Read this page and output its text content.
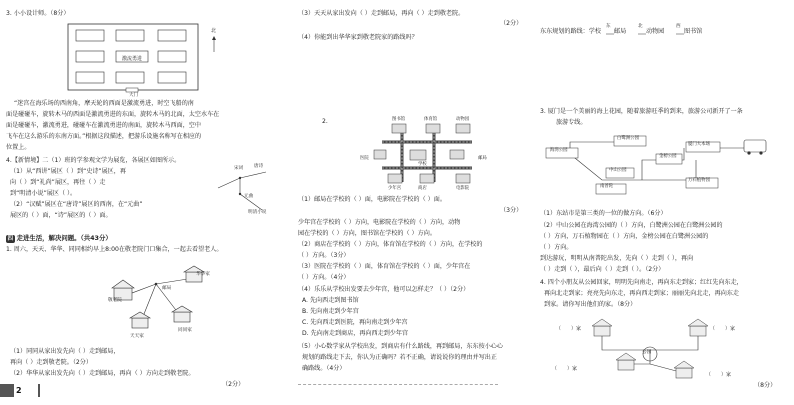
3. 小小设计师。（8分）
激流勇进
大门
北
“迷宫在海乐场的西南角，摩天轮的西面是激流勇进，时空飞船的南
面是碰碰车，旋转木马的西面是激流勇进的东面，旋转木马的北面，太空水车在
面是碰碰车，激流勇进，碰碰车在激流勇进的南面，旋转木马西面，空中
飞车在这么游乐的东南方面。”根据这段描述，把游乐设施名称写在相应的
位置上。
4.【新情境】二（1）班的学参观文学为展览，各展区如图所示。
（1）从“西讲”展区（ ）到“史诗”展区，再
向（ ）到“礼尚”展区，再往（ ）走
到“明清小说”展区（ ）。
（2）“汉赋”展区在“唐诗”展区的西南，在“元曲”
展区的（ ）面，“诗”展区的（ ）面。
宋词 唐诗
元曲
明清小说
四 走进生活，解决问题。（共43分）
1. 周六，天天、华华、同同相约早上8:00在敬老院门口集合，一起去看望老人。
华华家
敬老院
天天家
同同家
邮局
（1）同同从家出发先向（ ）走到邮局，
再向（ ）走到敬老院。（2分）
（2）华华从家出发先向（ ）走到邮局，再向（ ）方向走到敬老院。
（2分）
2
（3）天天从家出发向（ ）走到邮局，再向（ ）走到敬老院。
（2分）
（4）你能到出华华家到敬老院家的路线吗？
2.	图书馆	体育馆	动物园
医院
学校
邮局
少年宫	商店	电影院
（1）邮局在学校的（ ）面，电影院在学校的（ ）面。
（3分）
少年宫在学校的（ ）方向，电影院在学校的（ ）方向，动物
园在学校的（ ）方向，图书馆在学校的（ ）方向。
（2）商店在学校的（ ）方向，体育馆在学校的（ ）方向，在学校的
（ ）方向。（3分）
（3）医院在学校的（ ）面，体育馆在学校的（ ）面，少年宫在
（ ）方向。（4分）
（4）乐乐从学校出发要去少年宫，他可以怎样走？（ ）（2分）
A. 先向西走到图书馆
B. 先向南走到少年宫
C. 先向西走到医院，再向南走到少年宫
D. 先向南走到商店，再向西走到少年宫
（5）小心数学家从学校出发，到商店有什么路线，再到邮局，东东按小心心
规划的路线走下去，你认为正确吗？若不正确，请说说你的理由并写出正
确路线。（4分）
东东规划的路线：学校
东
邮局
北
动物园
西
图书馆
3. 厦门是一个美丽的海上花园，随着旅游旺季的到来，旅游公司新开了一条
旅游专线。
海湾公园
白鹭洲公园
厦门大本场
金榜公园
中山公园
万石植物园
南普陀
（1）东站市是第三类的一位的做方向。（6分）
（2）中山公园在海湾公园的（ ）方向，白鹭洲公园在白鹭洲公园的
（ ）方向，万石植物园在（ ）方向，金榜公园在白鹭洲公园的
（ ）方向。
到达游玩，明明从南普陀出发，先向（ ）走到（ ），再向
（ ）走到（ ），最后向（ ）走到（ ）。（2分）
4. 四个小朋友从公园回家，明明先向南走，再向东走到家；红红先向东走，
再向北走到家；亮亮先向东走，再向西走到家；丽丽先向北走，再向东走
到家。请你写出他们的家。（8分）
公园
（　　）家	（　　）家
（　　）家
（　　）家
（8分）
